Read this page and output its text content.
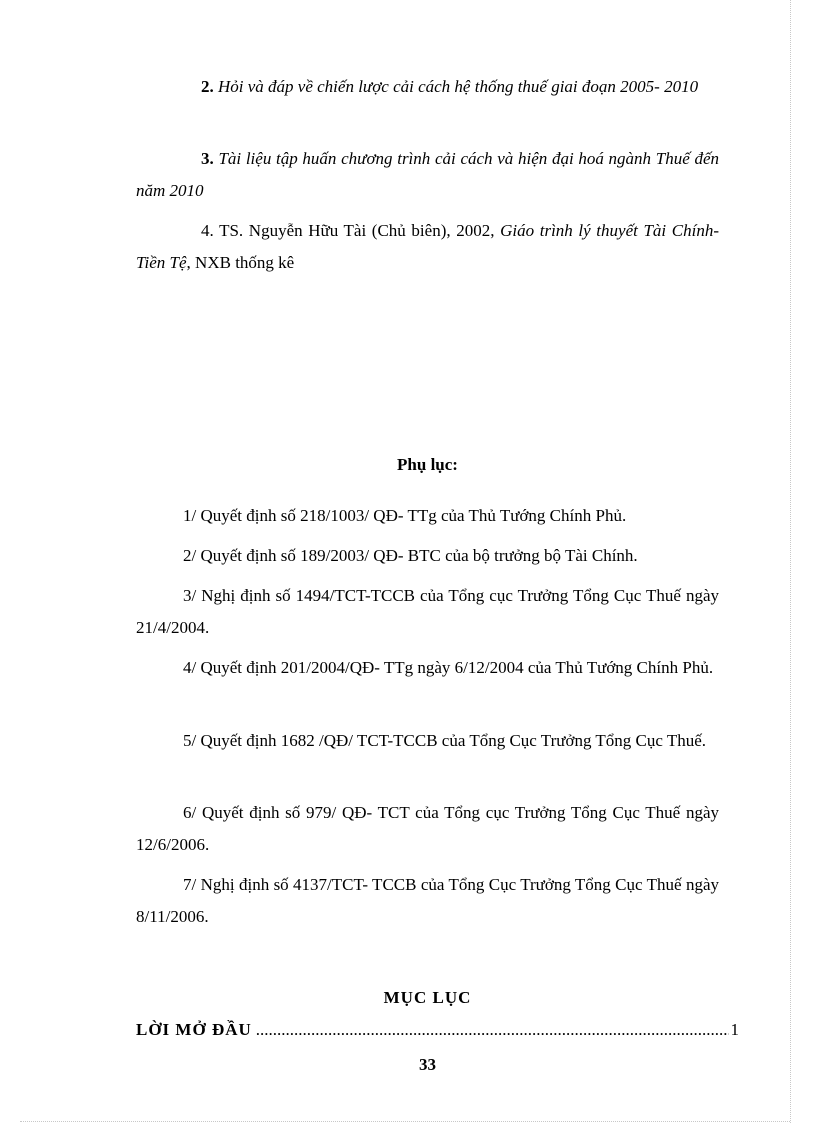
2. Hỏi và đáp về chiến lược cải cách hệ thống thuế giai đoạn 2005- 2010

3. Tài liệu tập huấn chương trình cải cách và hiện đại hoá ngành Thuế đến năm 2010

4. TS. Nguyễn Hữu Tài (Chủ biên), 2002, Giáo trình lý thuyết Tài Chính- Tiền Tệ, NXB thống kê

Phụ lục:

1/ Quyết định số 218/1003/ QĐ- TTg của Thủ Tướng Chính Phủ.

2/ Quyết định số 189/2003/ QĐ- BTC của bộ trưởng bộ Tài Chính.

3/ Nghị định số 1494/TCT-TCCB của Tổng cục Trưởng Tổng Cục Thuế ngày 21/4/2004.

4/ Quyết định 201/2004/QĐ- TTg ngày 6/12/2004 của Thủ Tướng Chính Phủ.

5/ Quyết định 1682 /QĐ/ TCT-TCCB của Tổng Cục Trưởng Tổng Cục Thuế.

6/ Quyết định số 979/ QĐ- TCT của Tổng cục Trưởng Tổng Cục Thuế ngày 12/6/2006.

7/ Nghị định số 4137/TCT- TCCB của Tổng Cục Trưởng Tổng Cục Thuế ngày 8/11/2006.

MỤC LỤC

LỜI MỞ ĐẦU
.....	1

33
